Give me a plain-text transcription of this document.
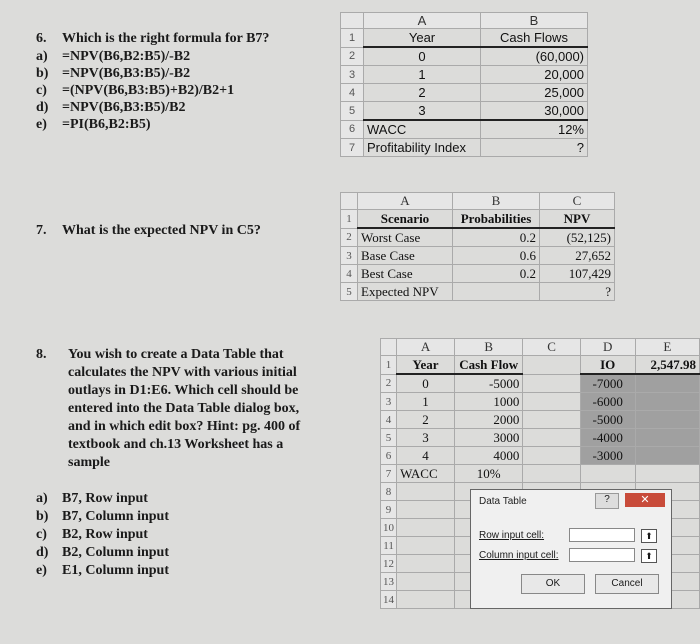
6. Which is the right formula for B7?
a) =NPV(B6,B2:B5)/-B2
b) =NPV(B6,B3:B5)/-B2
c) =(NPV(B6,B3:B5)+B2)/B2+1
d) =NPV(B6,B3:B5)/B2
e) =PI(B6,B2:B5)
	A	B
1	Year	Cash Flows
2	0	(60,000)
3	1	20,000
4	2	25,000
5	3	30,000
6	WACC	12%
7	Profitability Index	?
7. What is the expected NPV in C5?
	A	B	C
1	Scenario	Probabilities	NPV
2	Worst Case	0.2	(52,125)
3	Base Case	0.6	27,652
4	Best Case	0.2	107,429
5	Expected NPV		?
8.	You wish to create a Data Table that
calculates the NPV with various initial
outlays in D1:E6. Which cell should be
entered into the Data Table dialog box,
and in which edit box? Hint: pg. 400 of
textbook and ch.13 Worksheet has a
sample
a) B7, Row input
b) B7, Column input
c) B2, Row input
d) B2, Column input
e) E1, Column input
	A	B	C	D	E
1	Year	Cash Flow		IO	2,547.98
2	0	-5000		-7000	
3	1	1000		-6000	
4	2	2000		-5000	
5	3	3000		-4000	
6	4	4000		-3000	
7	WACC	10%			
8					
9					
10					
11					
12					
13					
14					
Data Table	?	✕
Row input cell:	⬆
Column input cell:	⬆
OK	Cancel
